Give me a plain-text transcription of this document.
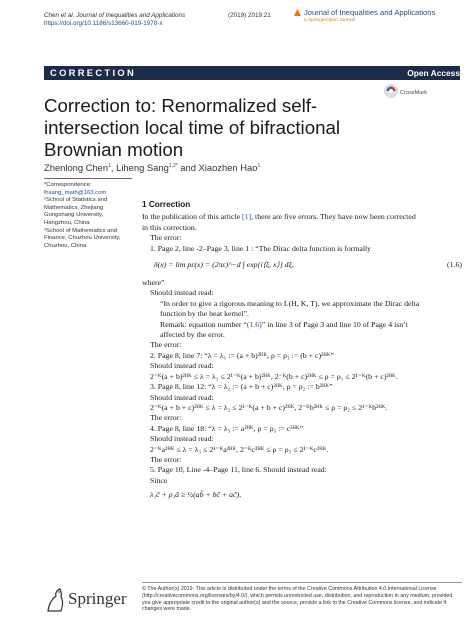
Chen et al. Journal of Inequalities and Applications
https://doi.org/10.1186/s13660-019-1978-x
(2019) 2019:21	Journal of Inequalities and Applications
a SpringerOpen Journal
CORRECTION	Open Access
CrossMark
Correction to: Renormalized self-intersection local time of bifractional Brownian motion
Zhenlong Chen$^1$, Liheng Sang$^{1,2*}$ and Xiaozhen Hao$^1$
*Correspondence:
lhsang_math@163.com
¹School of Statistics and Mathematics, Zhejiang Gongshang University, Hangzhou, China
²School of Mathematics and Finance, Chuzhou University, Chuzhou, China
1 Correction
In the publication of this article [1], there are five errors. They have now been corrected
in this correction.
The error:
1. Page 2, line -2–Page 3, line 1 : “The Dirac delta function is formally
δ(x) = lim pε(x) = (2πε)^−d ∫ exp{i⟨ξ, x⟩} dξ,	(1.6)
where”
Should instead read:
“In order to give a rigorous meaning to L(H, K, T), we approximate the Dirac delta
function by the heat kernel”.
Remark: equation number “(1.6)” in line 3 of Page 3 and line 10 of Page 4 isn’t
affected by the error.
The error:
2. Page 8, line 7: “λ = λ₁ := (a + b)²ᴴᴷ, ρ = ρ₁ := (b + c)²ᴴᴷ”
Should instead read:
2⁻ᴷ(a + b)²ᴴᴷ ≤ λ = λ₁ ≤ 2¹⁻ᴷ(a + b)²ᴴᴷ, 2⁻ᴷ(b + c)²ᴴᴷ ≤ ρ = ρ₁ ≤ 2¹⁻ᴷ(b + c)²ᴴᴷ.
3. Page 8, line 12: “λ = λ₂ := (a + b + c)²ᴴᴷ, ρ = ρ₂ := b²ᴴᴷ”
Should instead read:
2⁻ᴷ(a + b + c)²ᴴᴷ ≤ λ = λ₂ ≤ 2¹⁻ᴷ(a + b + c)²ᴴᴷ, 2⁻ᴷb²ᴴᴷ ≤ ρ = ρ₂ ≤ 2¹⁻ᴷb²ᴴᴷ.
The error:
4. Page 8, line 18: “λ = λ₃ := a²ᴴᴷ, ρ = ρ₃ := c²ᴴᴷ”
Should instead read:
2⁻ᴷa²ᴴᴷ ≤ λ = λ₃ ≤ 2¹⁻ᴷa²ᴴᴷ, 2⁻ᴷc²ᴴᴷ ≤ ρ = ρ₃ ≤ 2¹⁻ᴷc²ᴴᴷ.
The error:
5. Page 10, Line -4–Page 11, line 6. Should instead read:
Since
λ₁c̃ + ρ₁ã ≥ ½(ab̃ + bc̃ + ac̃),
Springer	© The Author(s) 2019. This article is distributed under the terms of the Creative Commons Attribution 4.0 International License (http://creativecommons.org/licenses/by/4.0/), which permits unrestricted use, distribution, and reproduction in any medium, provided you give appropriate credit to the original author(s) and the source, provide a link to the Creative Commons license, and indicate if changes were made.
